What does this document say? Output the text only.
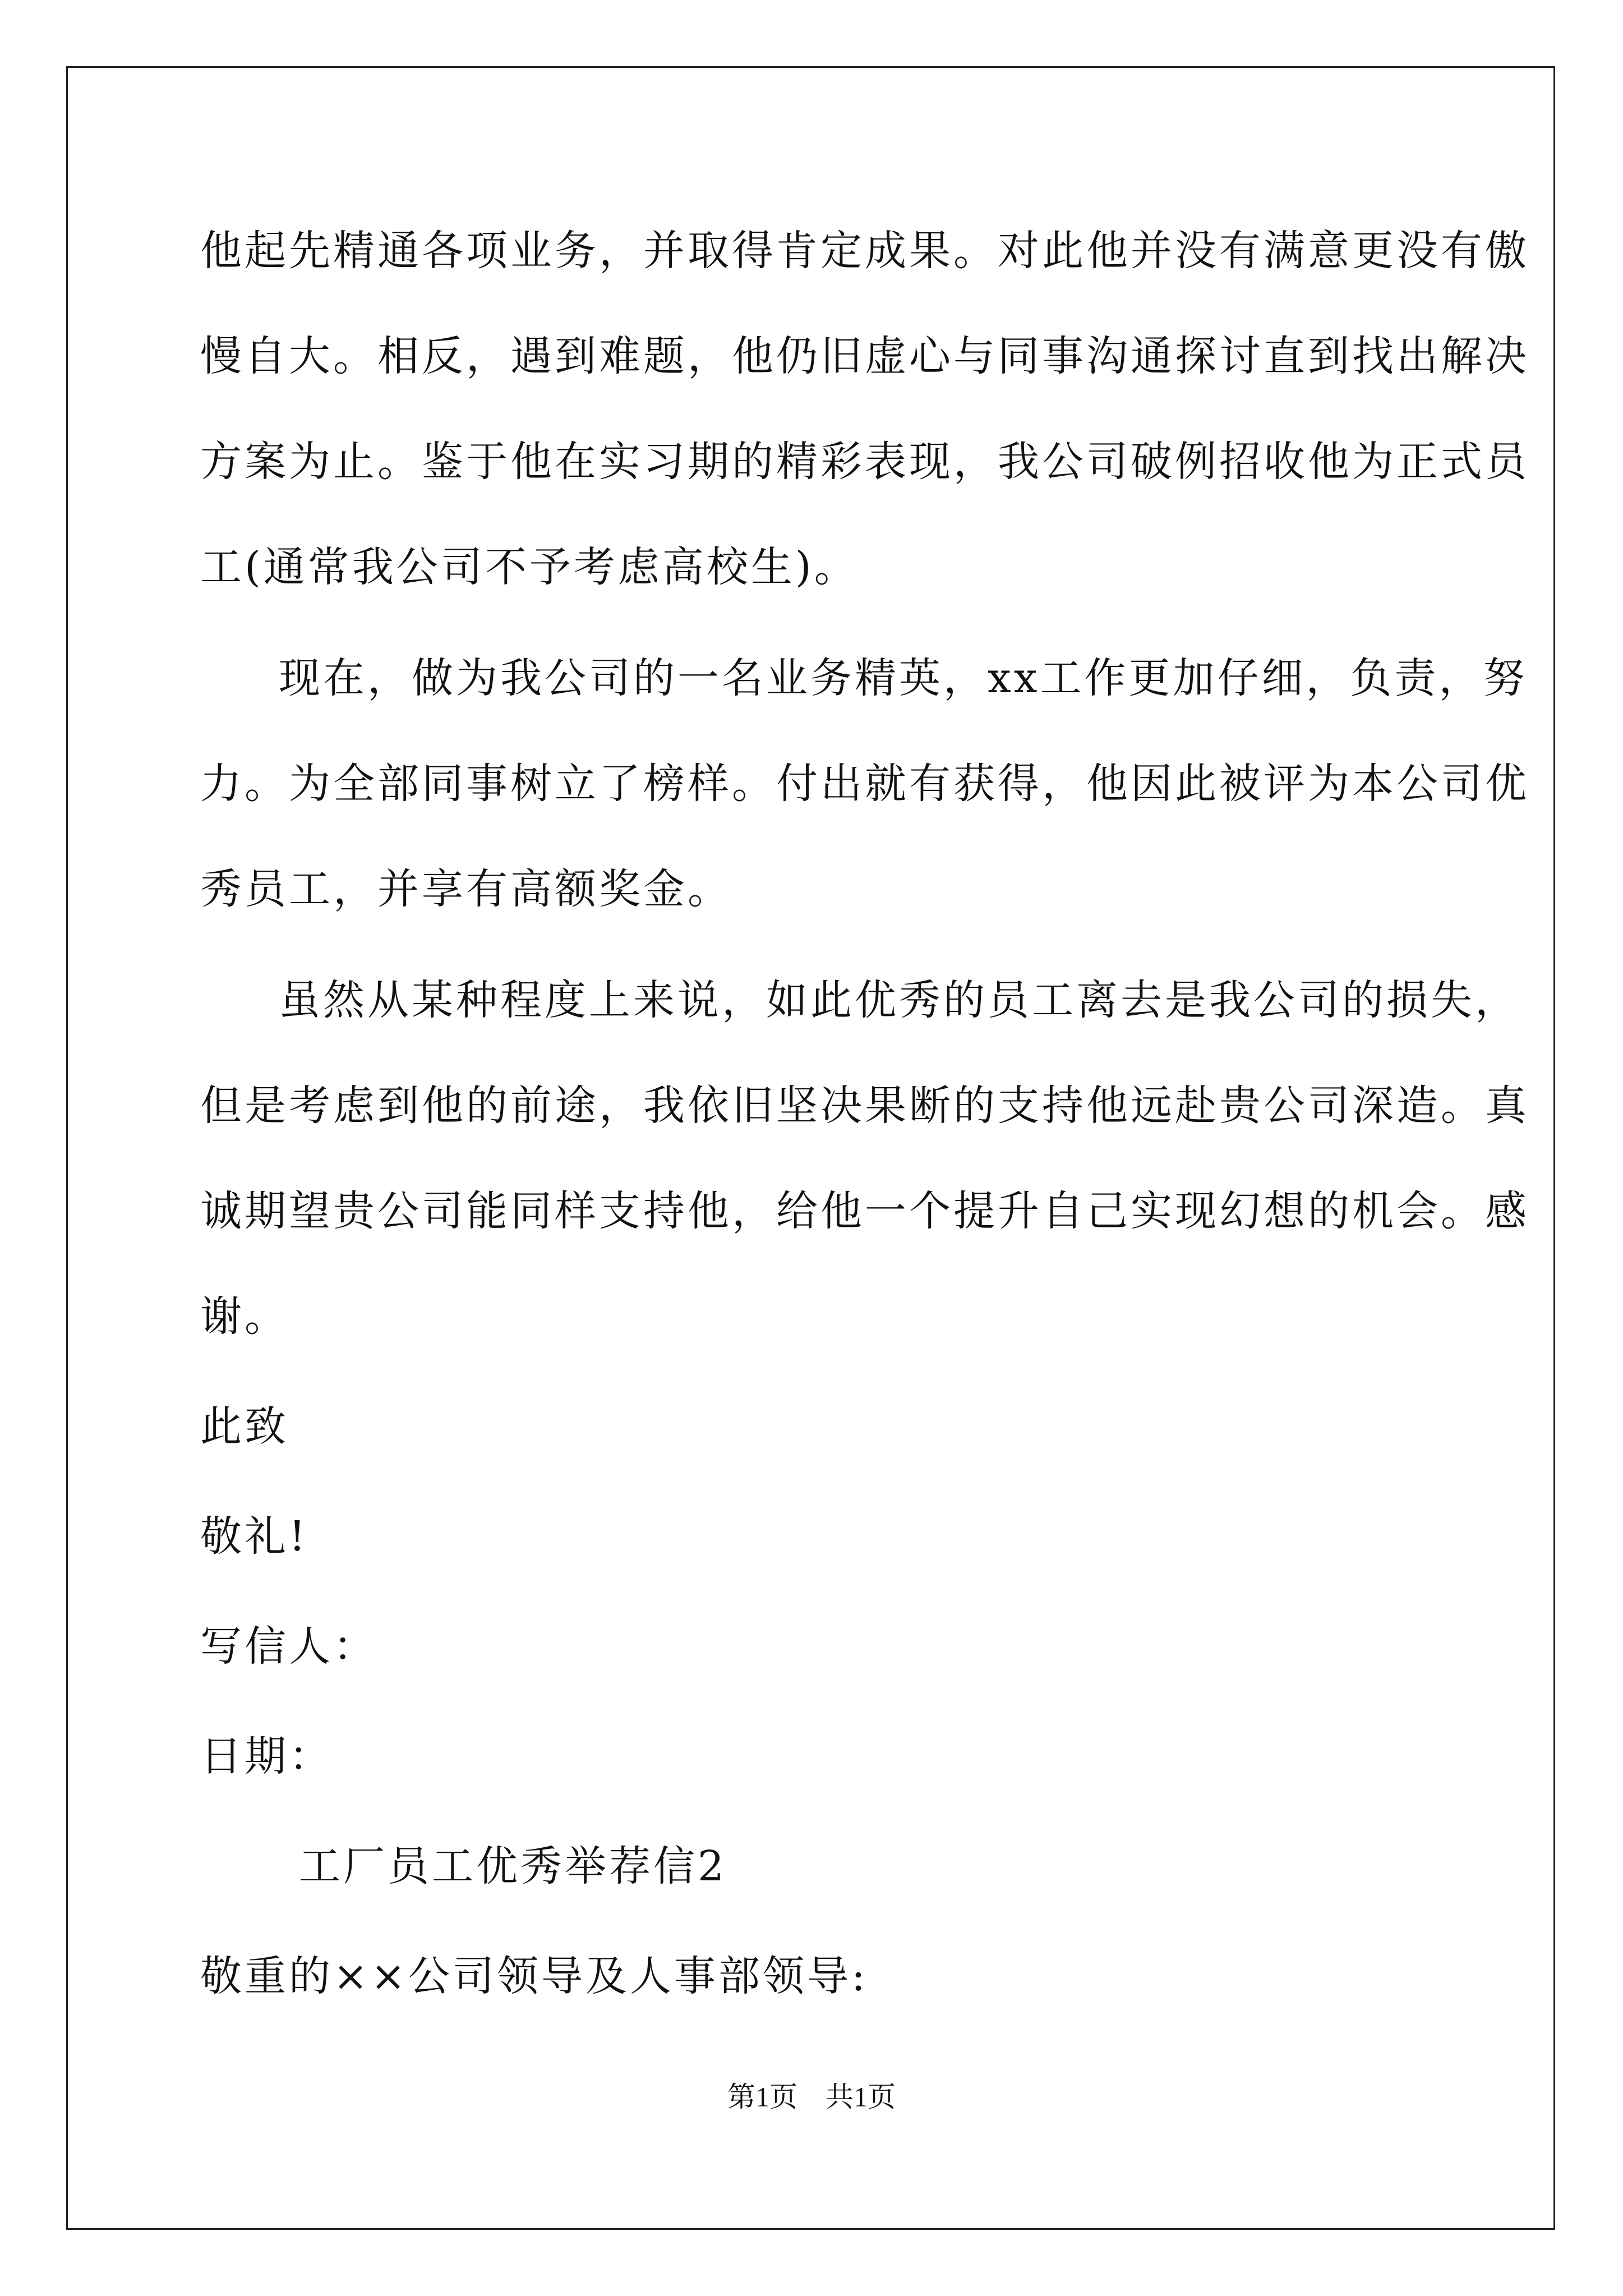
他起先精通各项业务，并取得肯定成果。对此他并没有满意更没有傲
慢自大。相反，遇到难题，他仍旧虚心与同事沟通探讨直到找出解决
方案为止。鉴于他在实习期的精彩表现，我公司破例招收他为正式员
工(通常我公司不予考虑高校生)。
现在，做为我公司的一名业务精英，xx工作更加仔细，负责，努
力。为全部同事树立了榜样。付出就有获得，他因此被评为本公司优
秀员工，并享有高额奖金。
虽然从某种程度上来说，如此优秀的员工离去是我公司的损失，
但是考虑到他的前途，我依旧坚决果断的支持他远赴贵公司深造。真
诚期望贵公司能同样支持他，给他一个提升自己实现幻想的机会。感
谢。
此致
敬礼!
写信人：
日期：
工厂员工优秀举荐信2
敬重的××公司领导及人事部领导:
第1页　共1页
